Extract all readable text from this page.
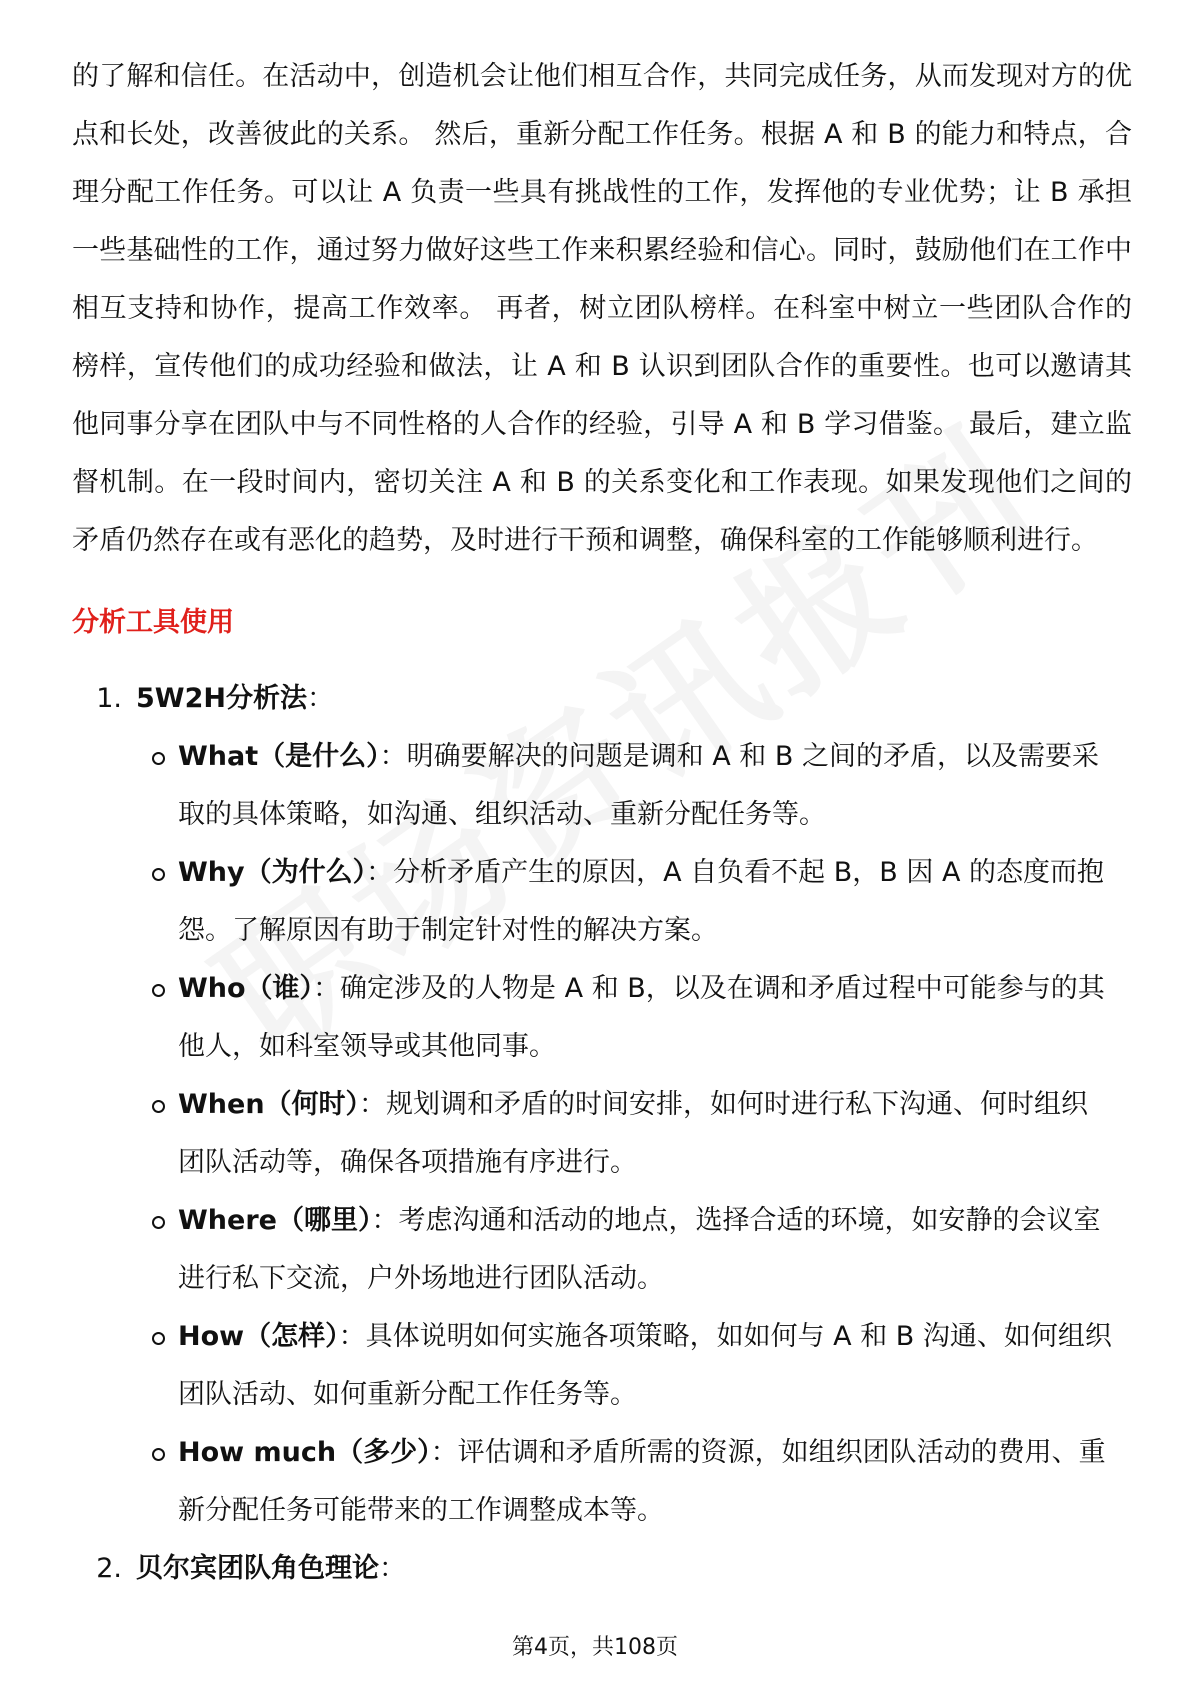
的了解和信任。在活动中，创造机会让他们相互合作，共同完成任务，从而发现对方的优点和长处，改善彼此的关系。 然后，重新分配工作任务。根据 A 和 B 的能力和特点，合理分配工作任务。可以让 A 负责一些具有挑战性的工作，发挥他的专业优势；让 B 承担一些基础性的工作，通过努力做好这些工作来积累经验和信心。同时，鼓励他们在工作中相互支持和协作，提高工作效率。 再者，树立团队榜样。在科室中树立一些团队合作的榜样，宣传他们的成功经验和做法，让 A 和 B 认识到团队合作的重要性。也可以邀请其他同事分享在团队中与不同性格的人合作的经验，引导 A 和 B 学习借鉴。 最后，建立监督机制。在一段时间内，密切关注 A 和 B 的关系变化和工作表现。如果发现他们之间的矛盾仍然存在或有恶化的趋势，及时进行干预和调整，确保科室的工作能够顺利进行。

分析工具使用
1. 5W2H分析法：
What（是什么）：明确要解决的问题是调和 A 和 B 之间的矛盾，以及需要采取的具体策略，如沟通、组织活动、重新分配任务等。
Why（为什么）：分析矛盾产生的原因，A 自负看不起 B，B 因 A 的态度而抱怨。了解原因有助于制定针对性的解决方案。
Who（谁）：确定涉及的人物是 A 和 B，以及在调和矛盾过程中可能参与的其他人，如科室领导或其他同事。
When（何时）：规划调和矛盾的时间安排，如何时进行私下沟通、何时组织团队活动等，确保各项措施有序进行。
Where（哪里）：考虑沟通和活动的地点，选择合适的环境，如安静的会议室进行私下交流，户外场地进行团队活动。
How（怎样）：具体说明如何实施各项策略，如如何与 A 和 B 沟通、如何组织团队活动、如何重新分配工作任务等。
How much（多少）：评估调和矛盾所需的资源，如组织团队活动的费用、重新分配任务可能带来的工作调整成本等。
2. 贝尔宾团队角色理论：
第4页，共108页
